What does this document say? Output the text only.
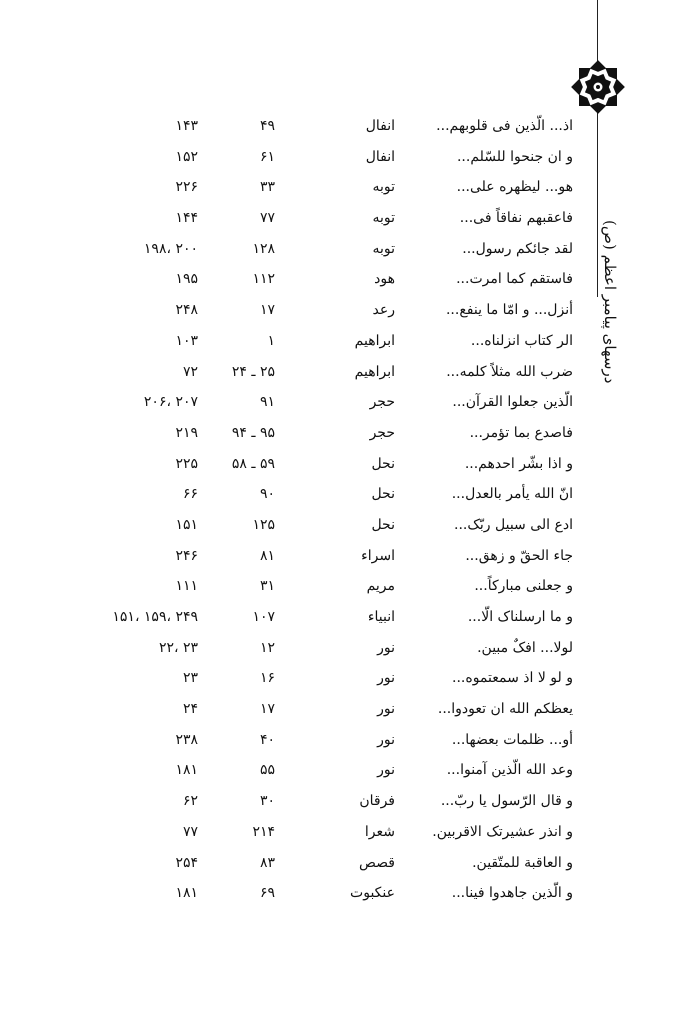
درسهای پیامبر اعظم (ص)
اذ... الّذین فی قلوبهم...
انفال
۴۹
۱۴۳
و ان جنحوا للسّلم...
انفال
۶۱
۱۵۲
هو... لیظهره علی...
توبه
۳۳
۲۲۶
فاعقبهم نفاقاً فی...
توبه
۷۷
۱۴۴
لقد جائکم رسول...
توبه
۱۲۸
۲۰۰ ،۱۹۸
فاستقم کما امرت...
هود
۱۱۲
۱۹۵
أنزل... و امّا ما ینفع...
رعد
۱۷
۲۴۸
الر کتاب انزلناه...
ابراهیم
۱
۱۰۳
ضرب الله مثلاً کلمه...
ابراهیم
۲۵ ـ ۲۴
۷۲
الّذین جعلوا القرآن...
حجر
۹۱
۲۰۷ ،۲۰۶
فاصدع بما تؤمر...
حجر
۹۵ ـ ۹۴
۲۱۹
و اذا بشّر احدهم...
نحل
۵۹ ـ ۵۸
۲۲۵
انّ الله یأمر بالعدل...
نحل
۹۰
۶۶
ادع الی سبیل ربّک...
نحل
۱۲۵
۱۵۱
جاء الحقّ و زهق...
اسراء
۸۱
۲۴۶
و جعلنی مبارکاً...
مریم
۳۱
۱۱۱
و ما ارسلناک الّا...
انبیاء
۱۰۷
۲۴۹ ،۱۵۹ ،۱۵۱
لولا... افکٌ مبین.
نور
۱۲
۲۳ ،۲۲
و لو لا اذ سمعتموه...
نور
۱۶
۲۳
یعظکم الله ان تعودوا...
نور
۱۷
۲۴
أو... ظلمات بعضها...
نور
۴۰
۲۳۸
وعد الله الّذین آمنوا...
نور
۵۵
۱۸۱
و قال الرّسول یا ربّ...
فرقان
۳۰
۶۲
و انذر عشیرتک الاقربین.
شعرا
۲۱۴
۷۷
و العاقبة للمتّقین.
قصص
۸۳
۲۵۴
و الّذین جاهدوا فینا...
عنکبوت
۶۹
۱۸۱
